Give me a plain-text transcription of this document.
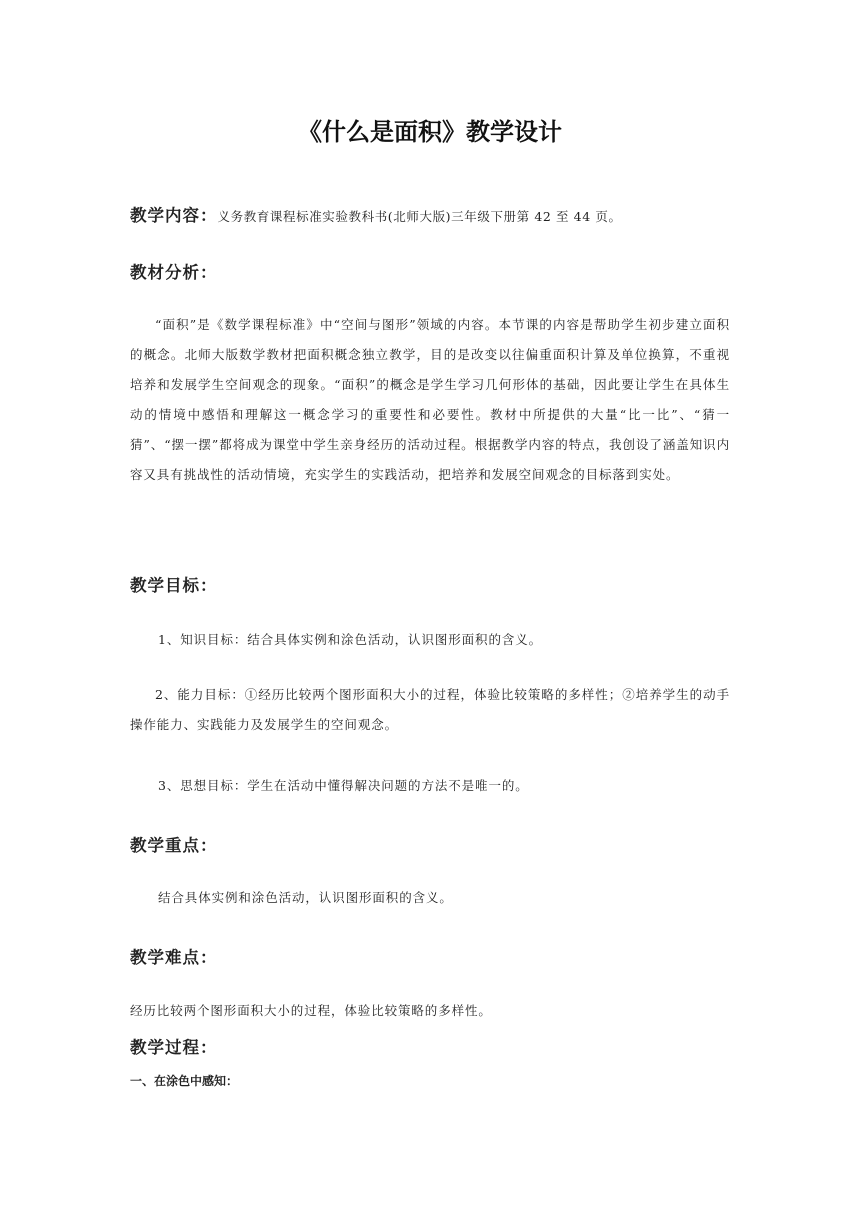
《什么是面积》教学设计
教学内容：义务教育课程标准实验教科书(北师大版)三年级下册第 42 至 44 页。
教材分析：
“面积”是《数学课程标准》中“空间与图形”领域的内容。本节课的内容是帮助学生初步建立面积的概念。北师大版数学教材把面积概念独立教学，目的是改变以往偏重面积计算及单位换算，不重视培养和发展学生空间观念的现象。“面积”的概念是学生学习几何形体的基础，因此要让学生在具体生动的情境中感悟和理解这一概念学习的重要性和必要性。教材中所提供的大量“比一比”、“猜一猜”、“摆一摆”都将成为课堂中学生亲身经历的活动过程。根据教学内容的特点，我创设了涵盖知识内容又具有挑战性的活动情境，充实学生的实践活动，把培养和发展空间观念的目标落到实处。
教学目标：
1、知识目标：结合具体实例和涂色活动，认识图形面积的含义。
2、能力目标：①经历比较两个图形面积大小的过程，体验比较策略的多样性；②培养学生的动手操作能力、实践能力及发展学生的空间观念。
3、思想目标：学生在活动中懂得解决问题的方法不是唯一的。
教学重点：
结合具体实例和涂色活动，认识图形面积的含义。
教学难点：
经历比较两个图形面积大小的过程，体验比较策略的多样性。
教学过程：
一、在涂色中感知：
